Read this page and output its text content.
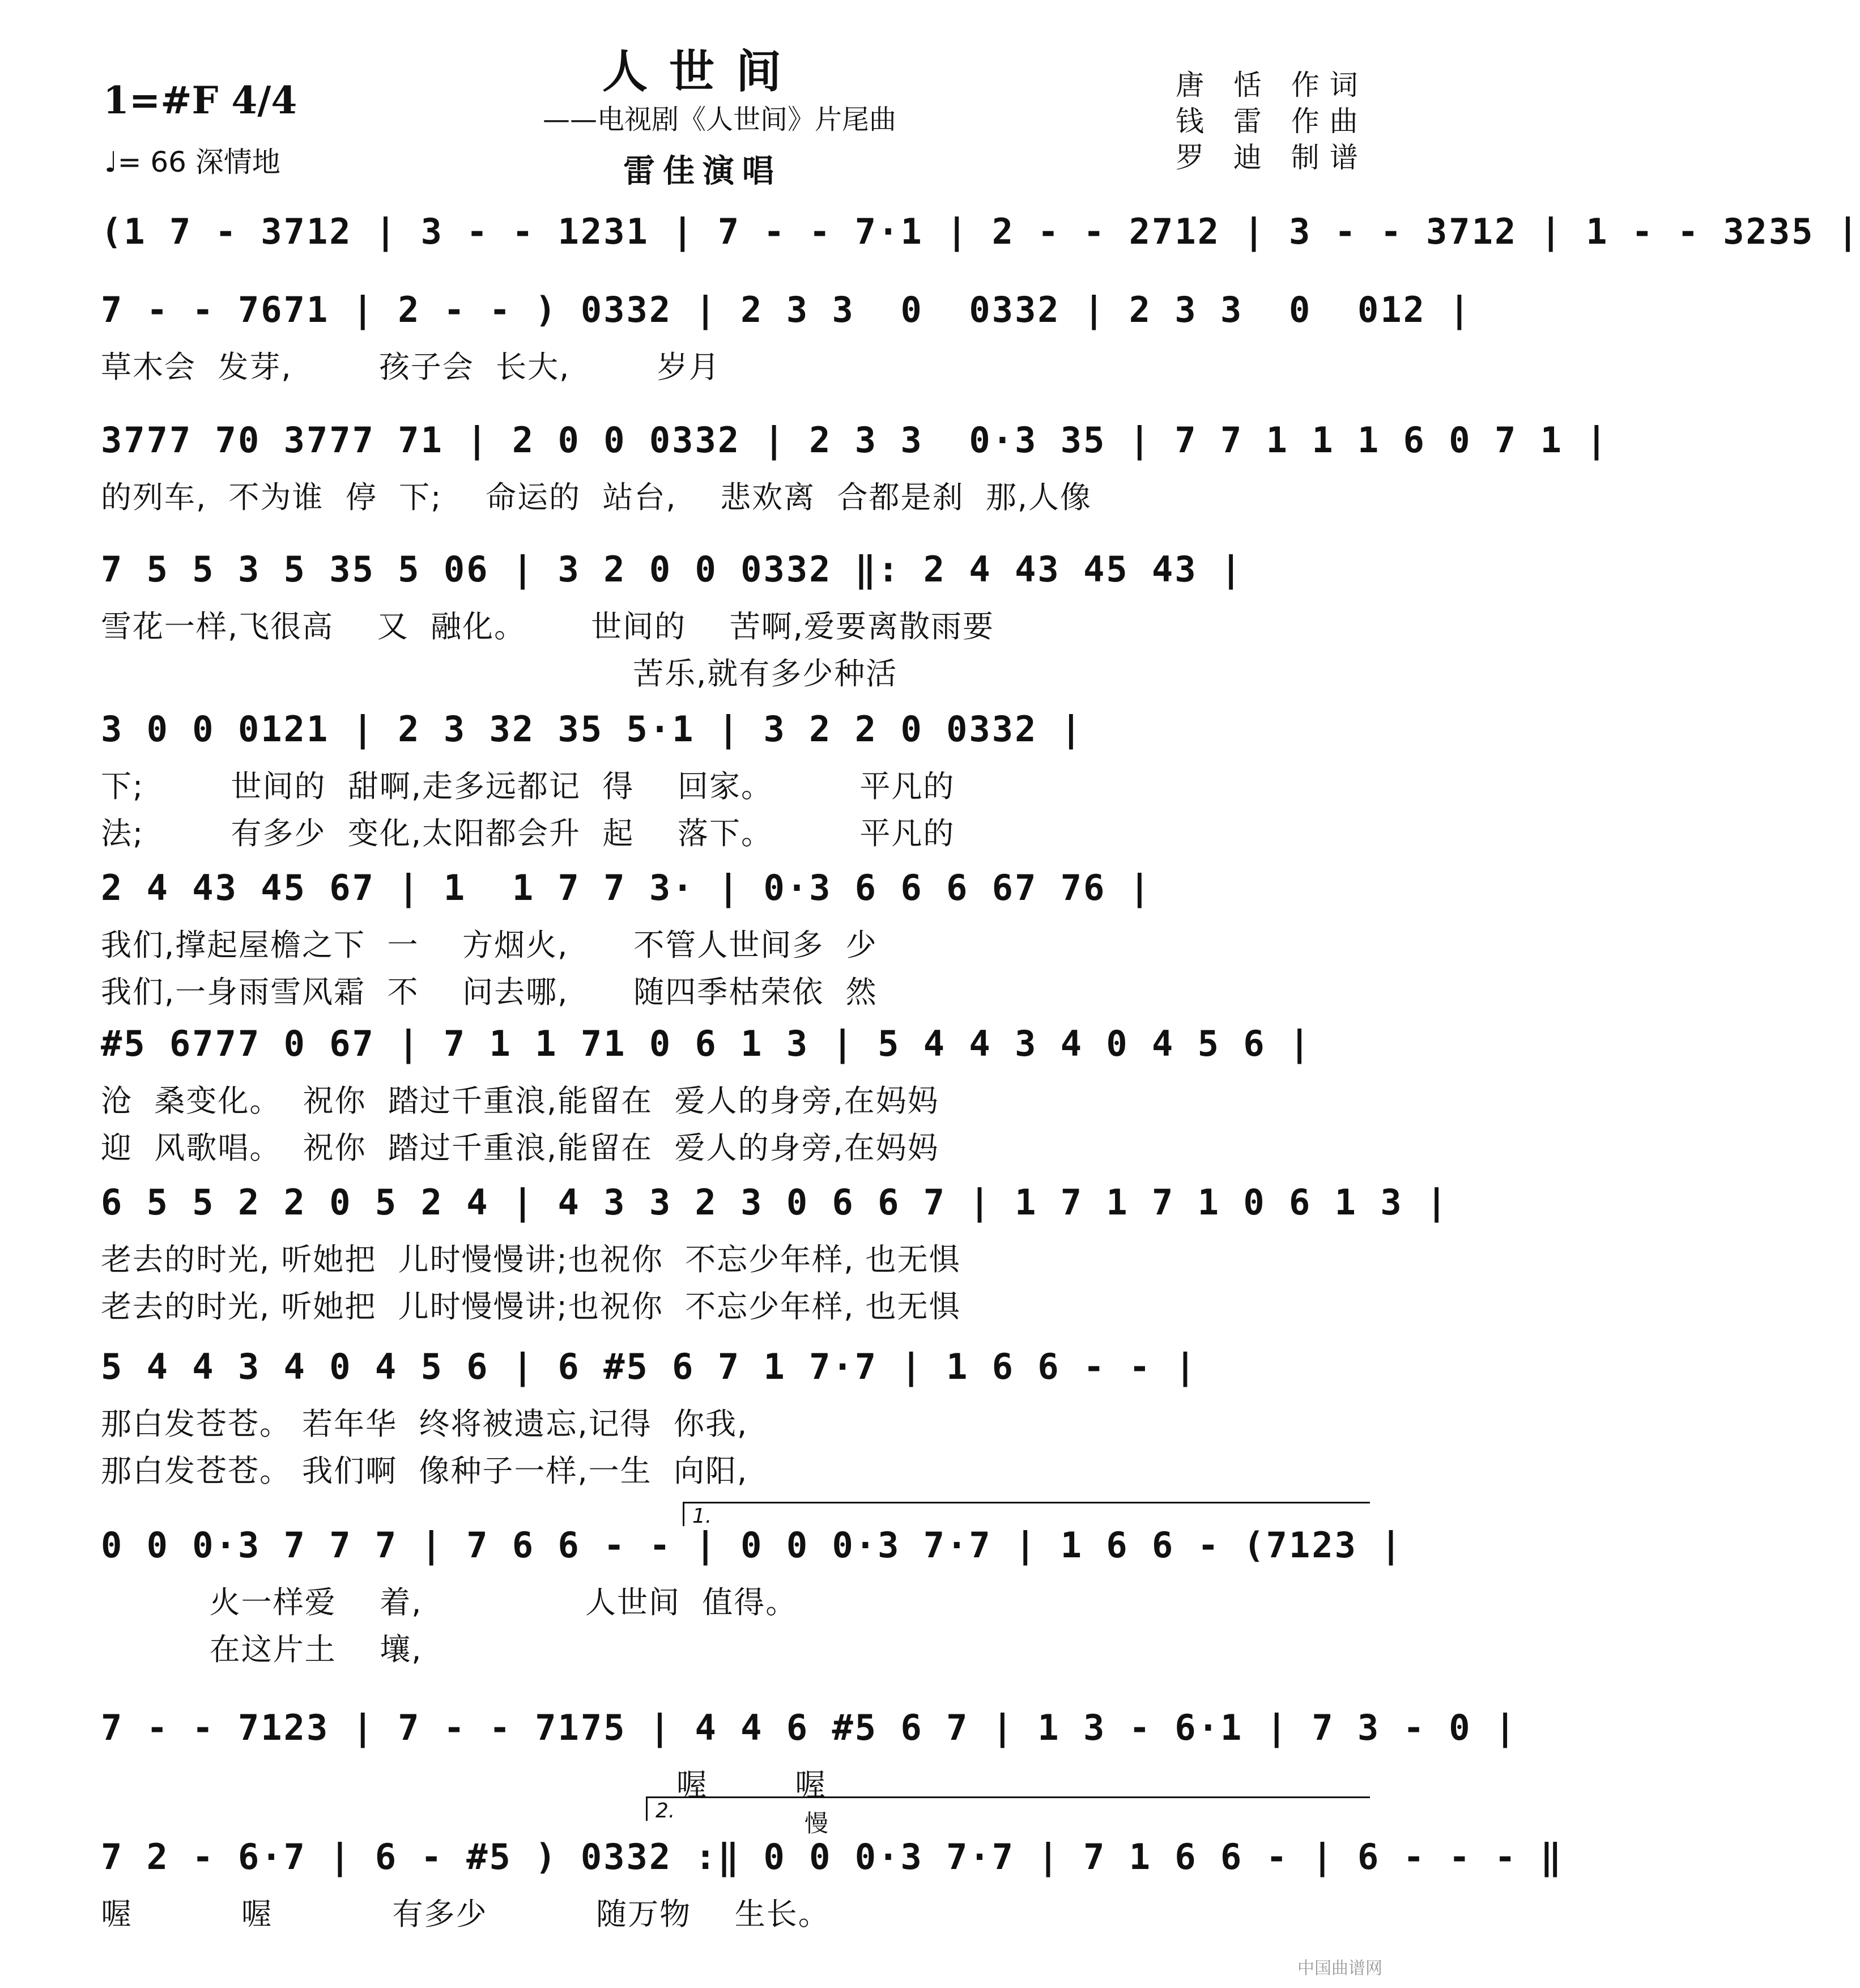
人世间
——电视剧《人世间》片尾曲
雷佳演唱
1=#F 4/4
♩= 66 深情地
唐 恬 作词
钱 雷 作曲
罗 迪 制谱
(1 7 - 3712 | 3 - - 1231 | 7 - - 7·1 | 2 - - 2712 | 3 - - 3712 | 1 - - 3235 |
7 - - 7671 | 2 - - ) 0332 | 2 3 3  0  0332 | 2 3 3  0  012 |
草木会  发芽,        孩子会  长大,        岁月
3777 70 3777 71 | 2 0 0 0332 | 2 3 3  0·3 35 | 7 7 1 1 1 6 0 7 1 |
的列车,  不为谁  停  下;    命运的  站台,    悲欢离  合都是刹  那,人像
7 5 5 3 5 35 5 06 | 3 2 0 0 0332 ‖: 2 4 43 45 43 |
雪花一样,飞很高    又  融化。      世间的    苦啊,爱要离散雨要
苦乐,就有多少种活
3 0 0 0121 | 2 3 32 35 5·1 | 3 2 2 0 0332 |
下;        世间的  甜啊,走多远都记  得    回家。        平凡的
法;        有多少  变化,太阳都会升  起    落下。        平凡的
2 4 43 45 67 | 1  1 7 7 3· | 0·3 6 6 6 67 76 |
我们,撑起屋檐之下  一    方烟火,      不管人世间多  少
我们,一身雨雪风霜  不    问去哪,      随四季枯荣依  然
#5 6777 0 67 | 7 1 1 71 0 6 1 3 | 5 4 4 3 4 0 4 5 6 |
沧  桑变化。  祝你  踏过千重浪,能留在  爱人的身旁,在妈妈
迎  风歌唱。  祝你  踏过千重浪,能留在  爱人的身旁,在妈妈
6 5 5 2 2 0 5 2 4 | 4 3 3 2 3 0 6 6 7 | 1 7 1 7 1 0 6 1 3 |
老去的时光, 听她把  儿时慢慢讲;也祝你  不忘少年样, 也无惧
老去的时光, 听她把  儿时慢慢讲;也祝你  不忘少年样, 也无惧
5 4 4 3 4 0 4 5 6 | 6 #5 6 7 1 7·7 | 1 6 6 - - |
那白发苍苍。 若年华  终将被遗忘,记得  你我,
那白发苍苍。 我们啊  像种子一样,一生  向阳,
1.
0 0 0·3 7 7 7 | 7 6 6 - - | 0 0 0·3 7·7 | 1 6 6 - (7123 |
火一样爱    着,               人世间  值得。
在这片土    壤,
7 - - 7123 | 7 - - 7175 | 4 4 6 #5 6 7 | 1 3 - 6·1 | 7 3 - 0 |
喔        喔
2.	慢
7 2 - 6·7 | 6 - #5 ) 0332 :‖ 0 0 0·3 7·7 | 7 1 6 6 - | 6 - - - ‖
喔          喔           有多少          随万物    生长。
中国曲谱网
